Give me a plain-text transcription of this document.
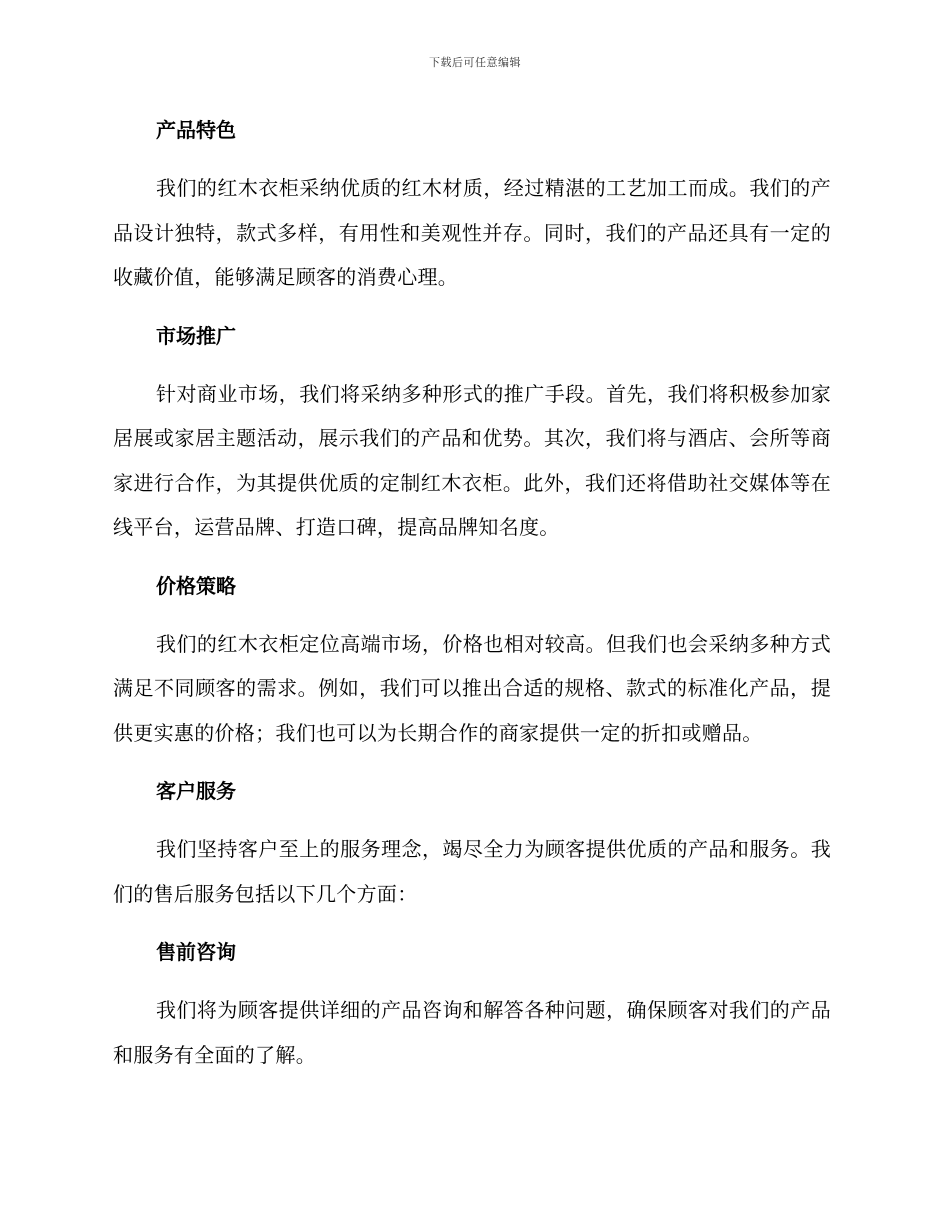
下载后可任意编辑
产品特色

我们的红木衣柜采纳优质的红木材质，经过精湛的工艺加工而成。我们的产品设计独特，款式多样，有用性和美观性并存。同时，我们的产品还具有一定的收藏价值，能够满足顾客的消费心理。

市场推广

针对商业市场，我们将采纳多种形式的推广手段。首先，我们将积极参加家居展或家居主题活动，展示我们的产品和优势。其次，我们将与酒店、会所等商家进行合作，为其提供优质的定制红木衣柜。此外，我们还将借助社交媒体等在线平台，运营品牌、打造口碑，提高品牌知名度。

价格策略

我们的红木衣柜定位高端市场，价格也相对较高。但我们也会采纳多种方式满足不同顾客的需求。例如，我们可以推出合适的规格、款式的标准化产品，提供更实惠的价格；我们也可以为长期合作的商家提供一定的折扣或赠品。

客户服务

我们坚持客户至上的服务理念，竭尽全力为顾客提供优质的产品和服务。我们的售后服务包括以下几个方面：

售前咨询

我们将为顾客提供详细的产品咨询和解答各种问题，确保顾客对我们的产品和服务有全面的了解。
